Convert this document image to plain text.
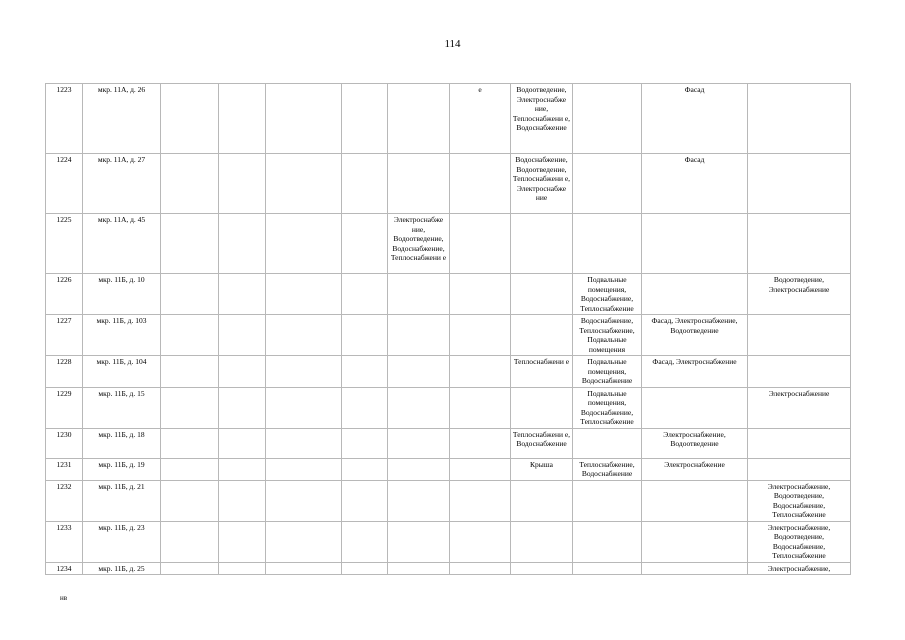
114
1223	мкр. 11А, д. 26						е	Водоотведение, Электроснабже ние, Теплоснабжени е, Водоснабжение		Фасад	
1224	мкр. 11А, д. 27							Водоснабжение, Водоотведение, Теплоснабжени е, Электроснабже ние		Фасад	
1225	мкр. 11А, д. 45					Электроснабже ние, Водоотведение, Водоснабжение, Теплоснабжени е					
1226	мкр. 11Б, д. 10								Подвальные помещения, Водоснабжение, Теплоснабжение		Водоотведение, Электроснабжение
1227	мкр. 11Б, д. 103								Водоснабжение, Теплоснабжение, Подвальные помещения	Фасад, Электроснабжение, Водоотведение	
1228	мкр. 11Б, д. 104							Теплоснабжени е	Подвальные помещения, Водоснабжение	Фасад, Электроснабжение	
1229	мкр. 11Б, д. 15								Подвальные помещения, Водоснабжение, Теплоснабжение		Электроснабжение
1230	мкр. 11Б, д. 18							Теплоснабжени е, Водоснабжение		Электроснабжение, Водоотведение	
1231	мкр. 11Б, д. 19							Крыша	Теплоснабжение, Водоснабжение	Электроснабжение	
1232	мкр. 11Б, д. 21										Электроснабжение, Водоотведение, Водоснабжение, Теплоснабжение
1233	мкр. 11Б, д. 23										Электроснабжение, Водоотведение, Водоснабжение, Теплоснабжение
1234	мкр. 11Б, д. 25										Электроснабжение,
нв
